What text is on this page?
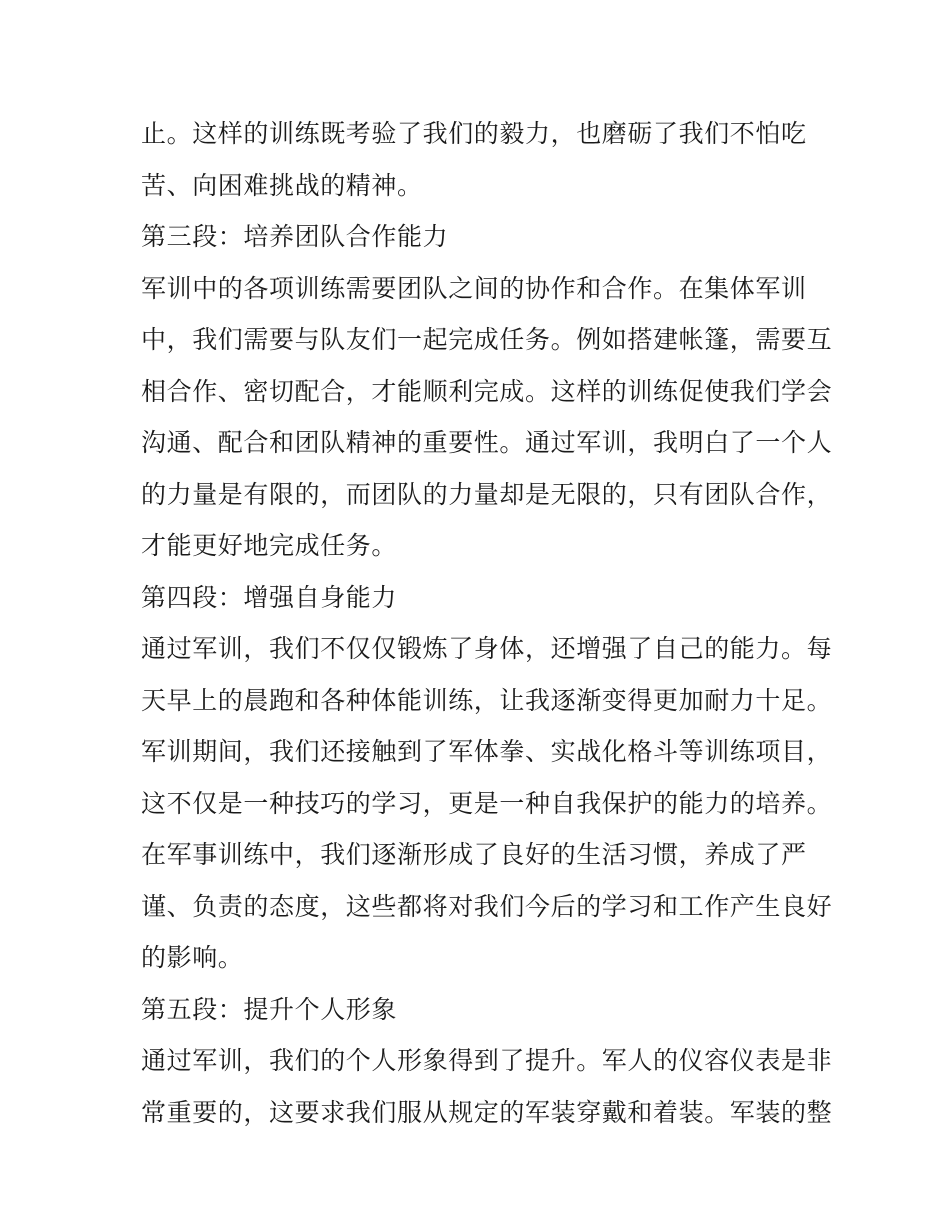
止。这样的训练既考验了我们的毅力，也磨砺了我们不怕吃
苦、向困难挑战的精神。
第三段：培养团队合作能力
军训中的各项训练需要团队之间的协作和合作。在集体军训
中，我们需要与队友们一起完成任务。例如搭建帐篷，需要互
相合作、密切配合，才能顺利完成。这样的训练促使我们学会
沟通、配合和团队精神的重要性。通过军训，我明白了一个人
的力量是有限的，而团队的力量却是无限的，只有团队合作，
才能更好地完成任务。
第四段：增强自身能力
通过军训，我们不仅仅锻炼了身体，还增强了自己的能力。每
天早上的晨跑和各种体能训练，让我逐渐变得更加耐力十足。
军训期间，我们还接触到了军体拳、实战化格斗等训练项目，
这不仅是一种技巧的学习，更是一种自我保护的能力的培养。
在军事训练中，我们逐渐形成了良好的生活习惯，养成了严
谨、负责的态度，这些都将对我们今后的学习和工作产生良好
的影响。
第五段：提升个人形象
通过军训，我们的个人形象得到了提升。军人的仪容仪表是非
常重要的，这要求我们服从规定的军装穿戴和着装。军装的整
